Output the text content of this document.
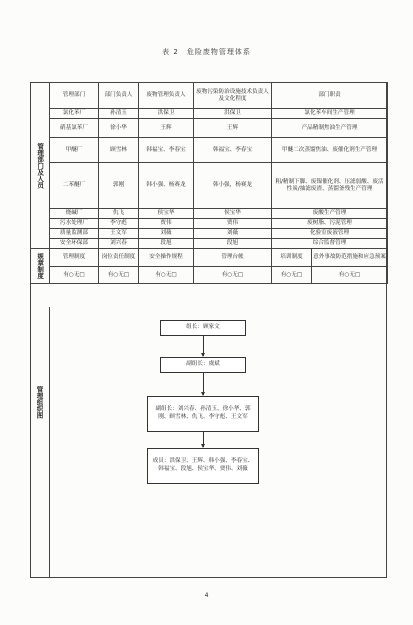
表 2　危险废物管理体系
管理部门及人员	管理部门	部门负责人	废物管理负责人	废物污染防治设施技术负责人及文化程度	部门职责	
	氯化苯厂	孙清玉	洪保卫	洪保卫	氯化苯车间生产管理	
	硝基氯苯厂	徐小华	王辉	王辉	产品精制焦油生产管理	
	甲醚厂	顾雪林	韩福宝、李春宝	韩福宝、李春宝	甲醚二次蒸馏焦油、废催化剂生产管理	
	二苯醚厂	郭刚	韩小强、杨赛龙	韩小强，杨赛龙	粗/精制下脚、废镍催化剂、压滤弱酸、废活性炭/抽滤废渣、蒸馏釜残生产管理	
	烧碱厂	仇飞	侯宝华	侯宝华	废酸生产管理	
	污水处理厂	李守彪	贾伟	贾伟	废树脂、污泥管理	
	质量监测部	王文军	刘薇	刘薇	化验室废液管理	
	安全环保部	刘兴春	段旭	段旭	综合监督管理	
规章制度	管理制度	岗位责任制度	安全操作规程	管理台帐	培训制度	意外事故防范措施和应急预案
	有○无□	有○无□	有○无□	有○无□	有○无□	有○无□
管理组织图
组长：顾家文
副组长：虞斌
副组长：刘兴春、孙清玉、徐小华、郭刚、顾雪林、仇飞、李守彪、王文军
成员：洪保卫、王辉、韩小强、李春宝、韩福宝、段旭、侯宝华、贾伟、刘薇
4
